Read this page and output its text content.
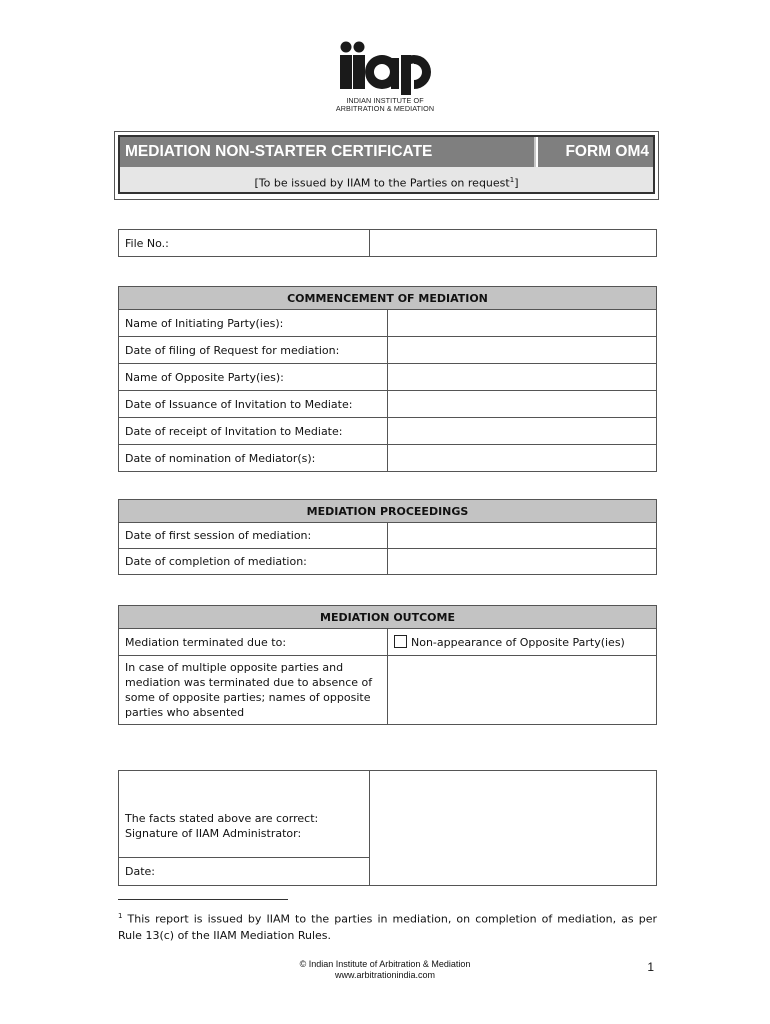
INDIAN INSTITUTE OF
ARBITRATION & MEDIATION
MEDIATION NON-STARTER CERTIFICATE	FORM OM4
[To be issued by IIAM to the Parties on request$^1$]
File No.:	
COMMENCEMENT OF MEDIATION	
Name of Initiating Party(ies):	
Date of filing of Request for mediation:	
Name of Opposite Party(ies):	
Date of Issuance of Invitation to Mediate:	
Date of receipt of Invitation to Mediate:	
Date of nomination of Mediator(s):	
MEDIATION PROCEEDINGS	
Date of first session of mediation:	
Date of completion of mediation:	
MEDIATION OUTCOME	
Mediation terminated due to:	Non-appearance of Opposite Party(ies)
In case of multiple opposite parties and mediation was terminated due to absence of some of opposite parties; names of opposite parties who absented	
The facts stated above are correct:
Signature of IIAM Administrator:

Date:
$^1$ This report is issued by IIAM to the parties in mediation, on completion of mediation, as per Rule 13(c) of the IIAM Mediation Rules.
© Indian Institute of Arbitration & Mediation
www.arbitrationindia.com
1
